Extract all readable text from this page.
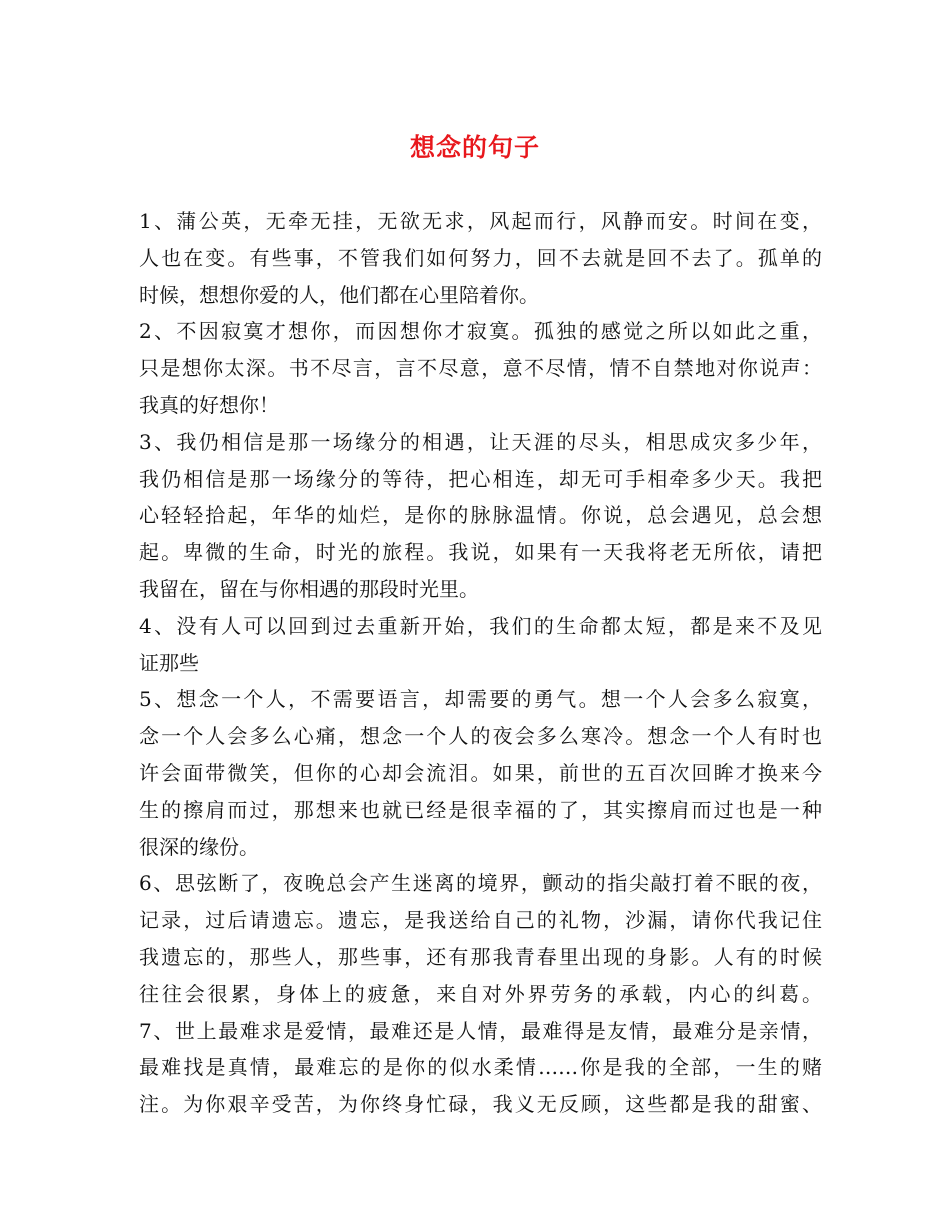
想念的句子
1、蒲公英，无牵无挂，无欲无求，风起而行，风静而安。时间在变，
人也在变。有些事，不管我们如何努力，回不去就是回不去了。孤单的
时候，想想你爱的人，他们都在心里陪着你。
2、不因寂寞才想你，而因想你才寂寞。孤独的感觉之所以如此之重，
只是想你太深。书不尽言，言不尽意，意不尽情，情不自禁地对你说声：
我真的好想你！
3、我仍相信是那一场缘分的相遇，让天涯的尽头，相思成灾多少年，
我仍相信是那一场缘分的等待，把心相连，却无可手相牵多少天。我把
心轻轻拾起，年华的灿烂，是你的脉脉温情。你说，总会遇见，总会想
起。卑微的生命，时光的旅程。我说，如果有一天我将老无所依，请把
我留在，留在与你相遇的那段时光里。
4、没有人可以回到过去重新开始，我们的生命都太短，都是来不及见
证那些
5、想念一个人，不需要语言，却需要的勇气。想一个人会多么寂寞，
念一个人会多么心痛，想念一个人的夜会多么寒冷。想念一个人有时也
许会面带微笑，但你的心却会流泪。如果，前世的五百次回眸才换来今
生的擦肩而过，那想来也就已经是很幸福的了，其实擦肩而过也是一种
很深的缘份。
6、思弦断了，夜晚总会产生迷离的境界，颤动的指尖敲打着不眠的夜，
记录，过后请遗忘。遗忘，是我送给自己的礼物，沙漏，请你代我记住
我遗忘的，那些人，那些事，还有那我青春里出现的身影。人有的时候
往往会很累，身体上的疲惫，来自对外界劳务的承载，内心的纠葛。
7、世上最难求是爱情，最难还是人情，最难得是友情，最难分是亲情，
最难找是真情，最难忘的是你的似水柔情……你是我的全部，一生的赌
注。为你艰辛受苦，为你终身忙碌，我义无反顾，这些都是我的甜蜜、
